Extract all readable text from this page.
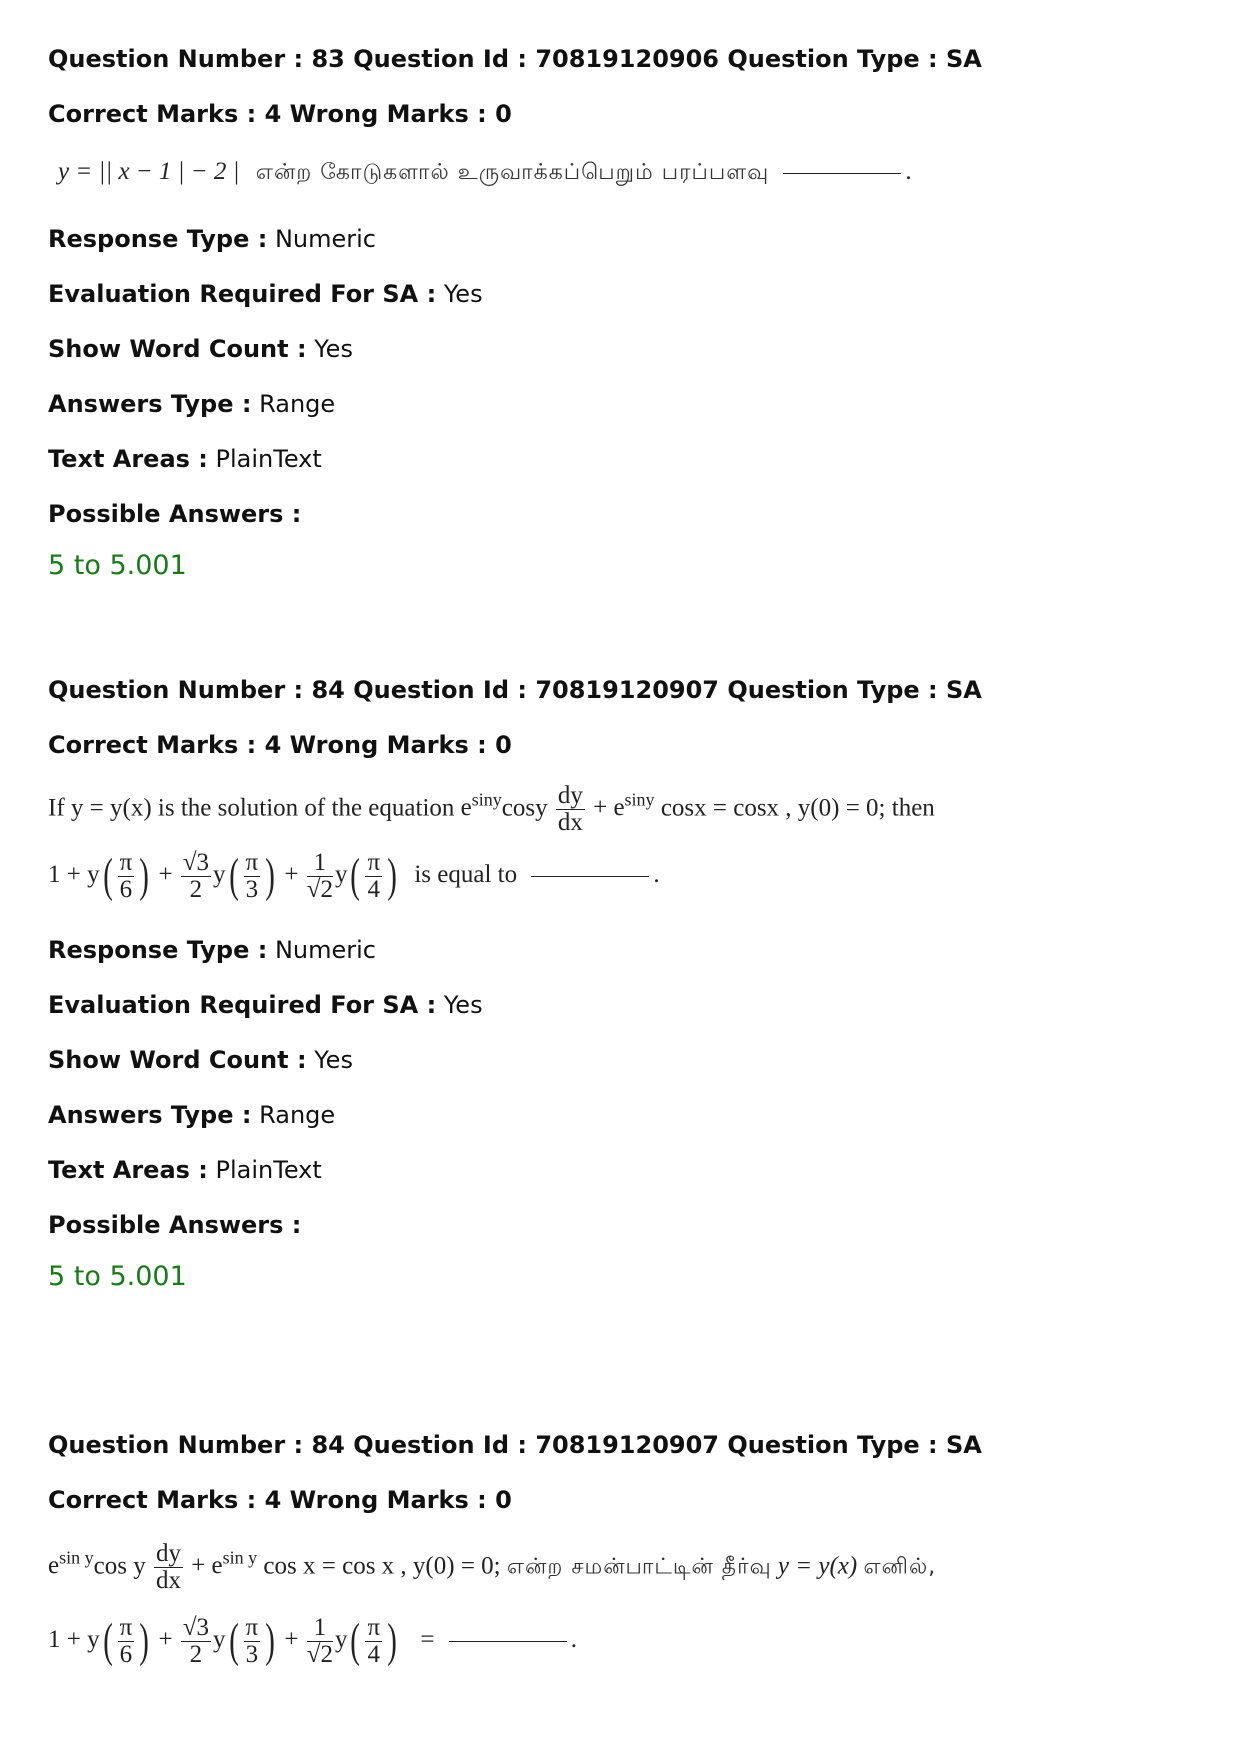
Question Number : 83 Question Id : 70819120906 Question Type : SA

Correct Marks : 4 Wrong Marks : 0

y = || x − 1 | − 2 | என்ற கோடுகளால் உருவாக்கப்பெறும் பரப்பளவு	.

Response Type : Numeric

Evaluation Required For SA : Yes

Show Word Count : Yes

Answers Type : Range

Text Areas : PlainText

Possible Answers :

5 to 5.001

Question Number : 84 Question Id : 70819120907 Question Type : SA

Correct Marks : 4 Wrong Marks : 0

If y = y(x) is the solution of the equation $e^{siny}\cos y \frac{dy}{dx} + e^{siny}$ cosx = cosx , y(0) = 0; then
$1 + y( \frac{\pi}{6}$ ) + $\frac{√3}{2} y( \frac{\pi}{3}$ ) + $\frac{1}{√2} y( \frac{\pi}{4}$ ) is equal to	.

Response Type : Numeric

Evaluation Required For SA : Yes

Show Word Count : Yes

Answers Type : Range

Text Areas : PlainText

Possible Answers :

5 to 5.001

Question Number : 84 Question Id : 70819120907 Question Type : SA

Correct Marks : 4 Wrong Marks : 0

$e^{sin y}\cos$ y $\frac{dy}{dx} + e^{sin y}$ cos x = cos x , y(0) = 0; என்ற சமன்பாட்டின் தீர்வு y = y(x) எனில்,
$1 + y( \frac{\pi}{6}$ ) + $\frac{√3}{2} y( \frac{\pi}{3}$ ) + $\frac{1}{√2} y( \frac{\pi}{4}$ ) =	.
